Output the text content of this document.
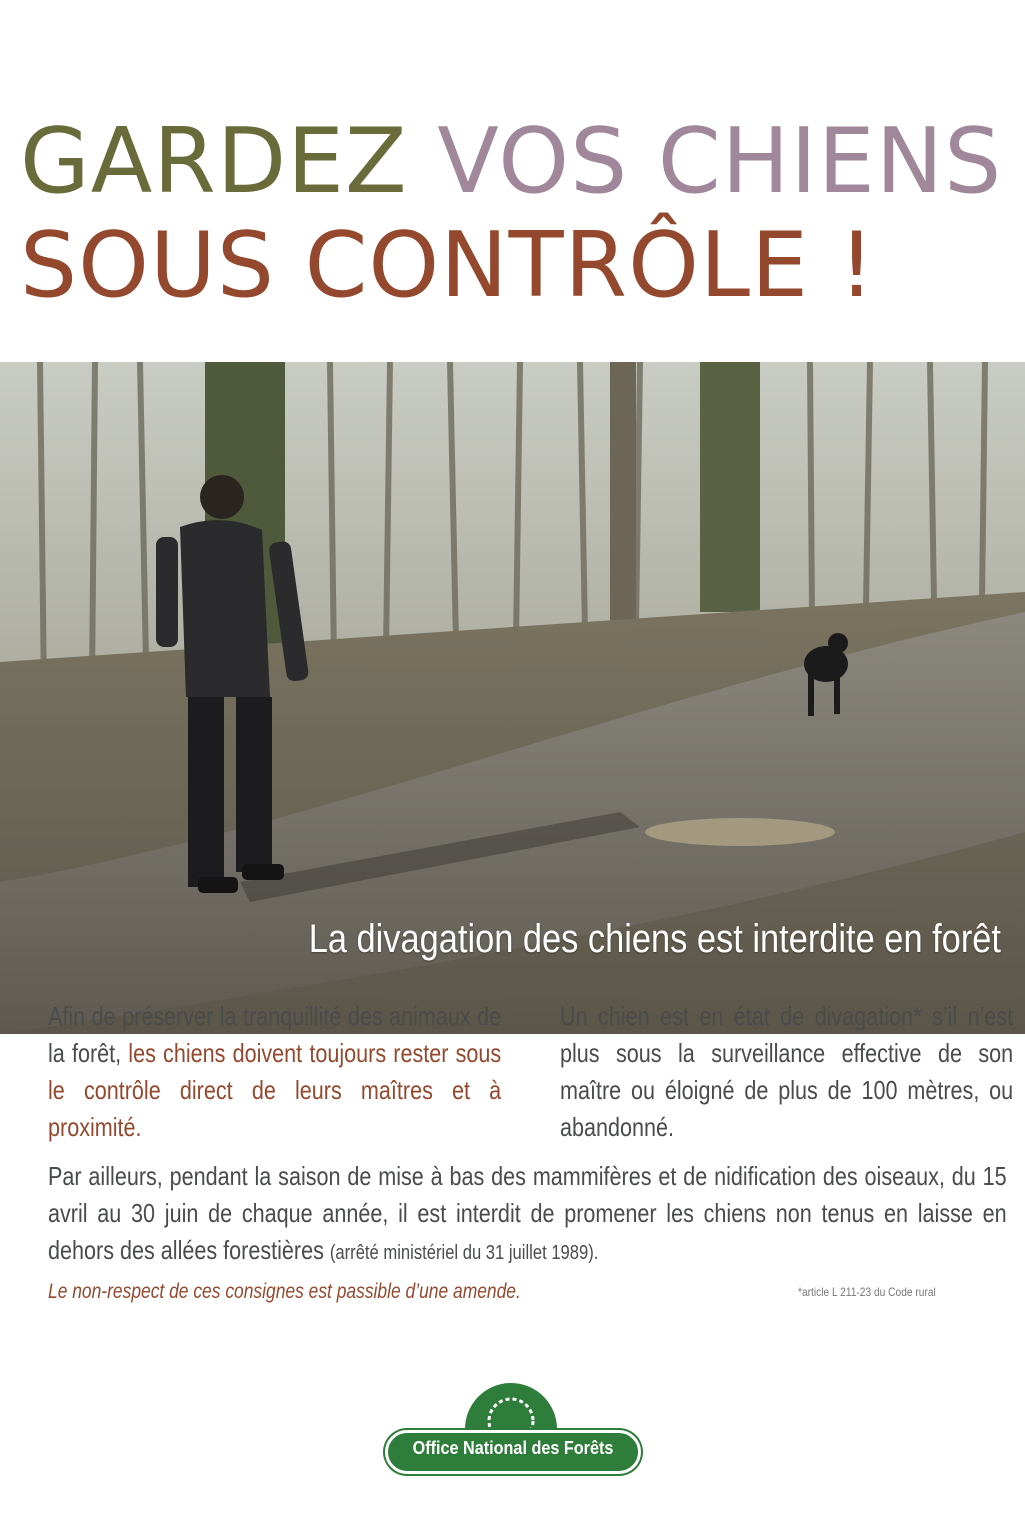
GARDEZ VOS CHIENS
SOUS CONTRÔLE !
La divagation des chiens est interdite en forêt
Afin de préserver la tranquillité des animaux de la forêt, les chiens doivent toujours rester sous le contrôle direct de leurs maîtres et à proximité.
Un chien est en état de divagation* s’il n’est plus sous la surveillance effective de son maître ou éloigné de plus de 100 mètres, ou abandonné.
Par ailleurs, pendant la saison de mise à bas des mammifères et de nidification des oiseaux, du 15 avril au 30 juin de chaque année, il est interdit de promener les chiens non tenus en laisse en dehors des allées forestières (arrêté ministériel du 31 juillet 1989).
Le non-respect de ces consignes est passible d’une amende.	*article L 211-23 du Code rural
Office National des Forêts
